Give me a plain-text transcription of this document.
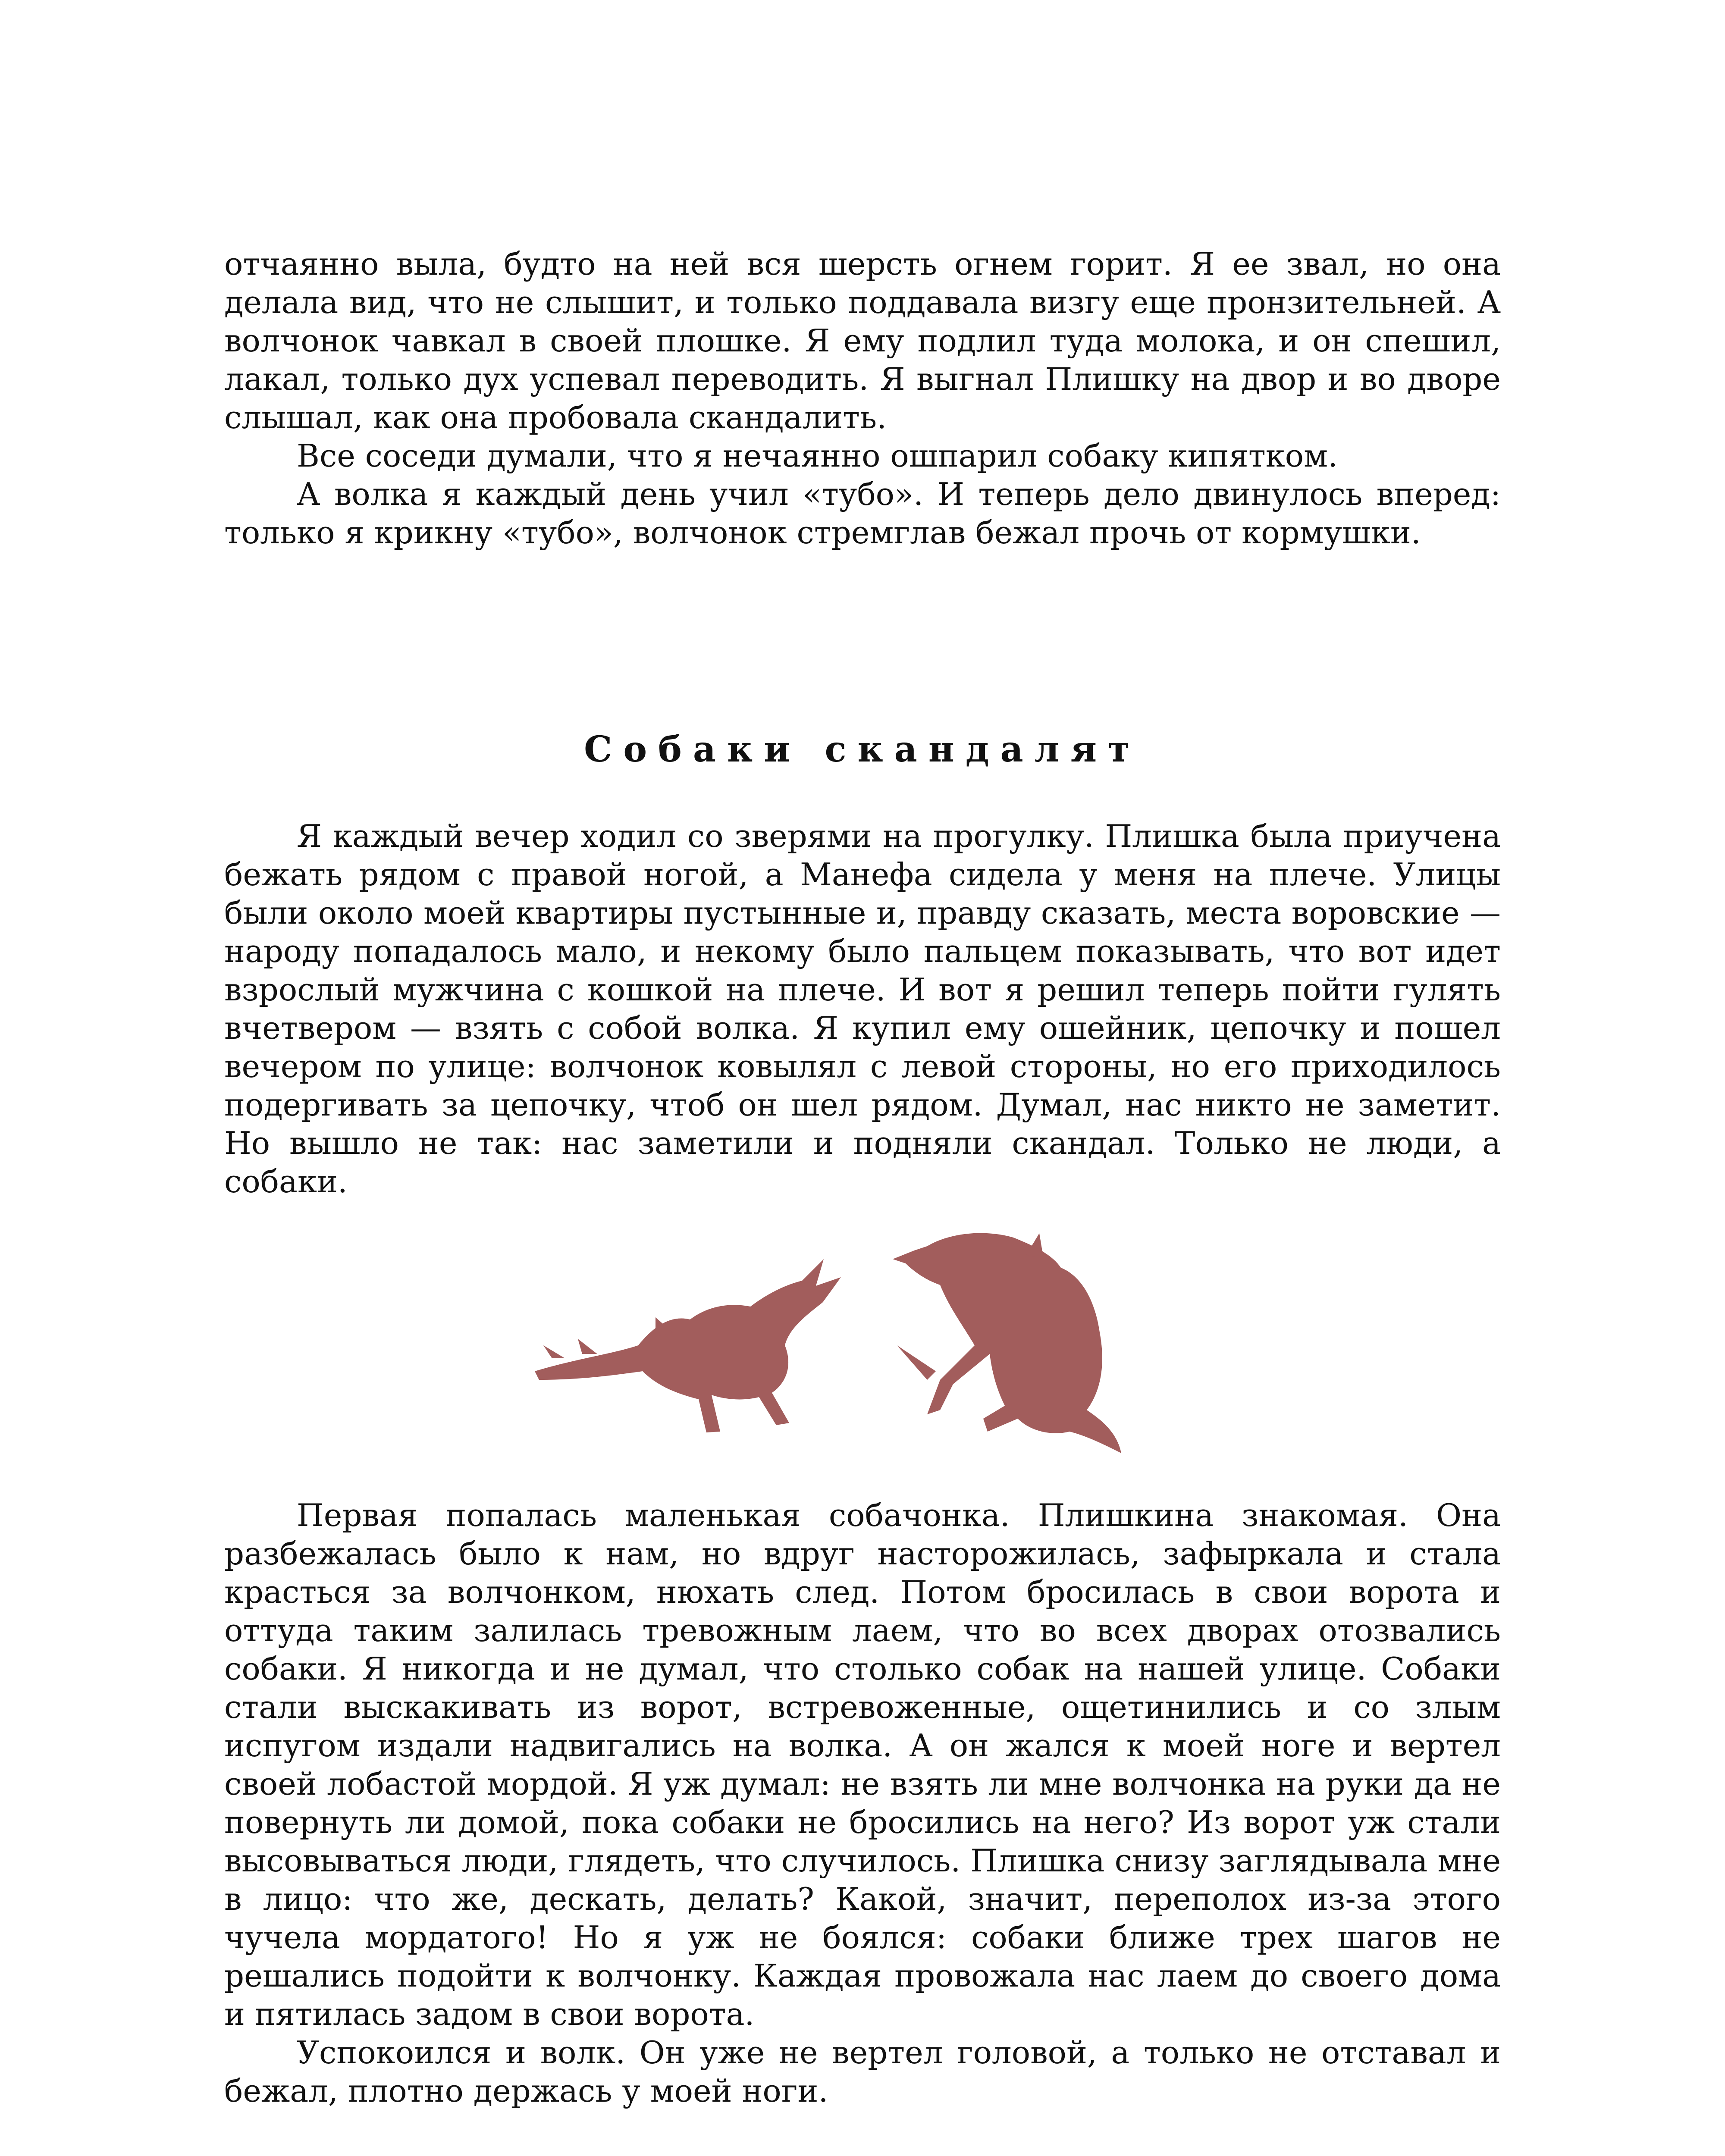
отчаянно выла, будто на ней вся шерсть огнем горит. Я ее звал, но она делала вид, что не слышит, и только поддавала визгу еще пронзительней. А волчонок чавкал в своей плошке. Я ему подлил туда молока, и он спешил, лакал, только дух успевал переводить. Я выгнал Плишку на двор и во дворе слышал, как она пробовала скандалить.

Все соседи думали, что я нечаянно ошпарил собаку кипятком.

А волка я каждый день учил «тубо». И теперь дело двинулось вперед: только я крикну «тубо», волчонок стремглав бежал прочь от кормушки.

Собаки скандалят

Я каждый вечер ходил со зверями на прогулку. Плишка была приучена бежать рядом с правой ногой, а Манефа сидела у меня на плече. Улицы были около моей квартиры пустынные и, правду сказать, места воровские — народу попадалось мало, и некому было пальцем показывать, что вот идет взрослый мужчина с кошкой на плече. И вот я решил теперь пойти гулять вчетвером — взять с собой волка. Я купил ему ошейник, цепочку и пошел вечером по улице: волчонок ковылял с левой стороны, но его приходилось подергивать за цепочку, чтоб он шел рядом. Думал, нас никто не заметит. Но вышло не так: нас заметили и подняли скандал. Только не люди, а собаки.

Первая попалась маленькая собачонка. Плишкина знакомая. Она разбежалась было к нам, но вдруг насторожилась, зафыркала и стала красться за волчонком, нюхать след. Потом бросилась в свои ворота и оттуда таким залилась тревожным лаем, что во всех дворах отозвались собаки. Я никогда и не думал, что столько собак на нашей улице. Собаки стали выскакивать из ворот, встревоженные, ощетинились и со злым испугом издали надвигались на волка. А он жался к моей ноге и вертел своей лобастой мордой. Я уж думал: не взять ли мне волчонка на руки да не повернуть ли домой, пока собаки не бросились на него? Из ворот уж стали высовываться люди, глядеть, что случилось. Плишка снизу заглядывала мне в лицо: что же, дескать, делать? Какой, значит, переполох из-за этого чучела мордатого! Но я уж не боялся: собаки ближе трех шагов не решались подойти к волчонку. Каждая провожала нас лаем до своего дома и пятилась задом в свои ворота.

Успокоился и волк. Он уже не вертел головой, а только не отставал и бежал, плотно держась у моей ноги.
